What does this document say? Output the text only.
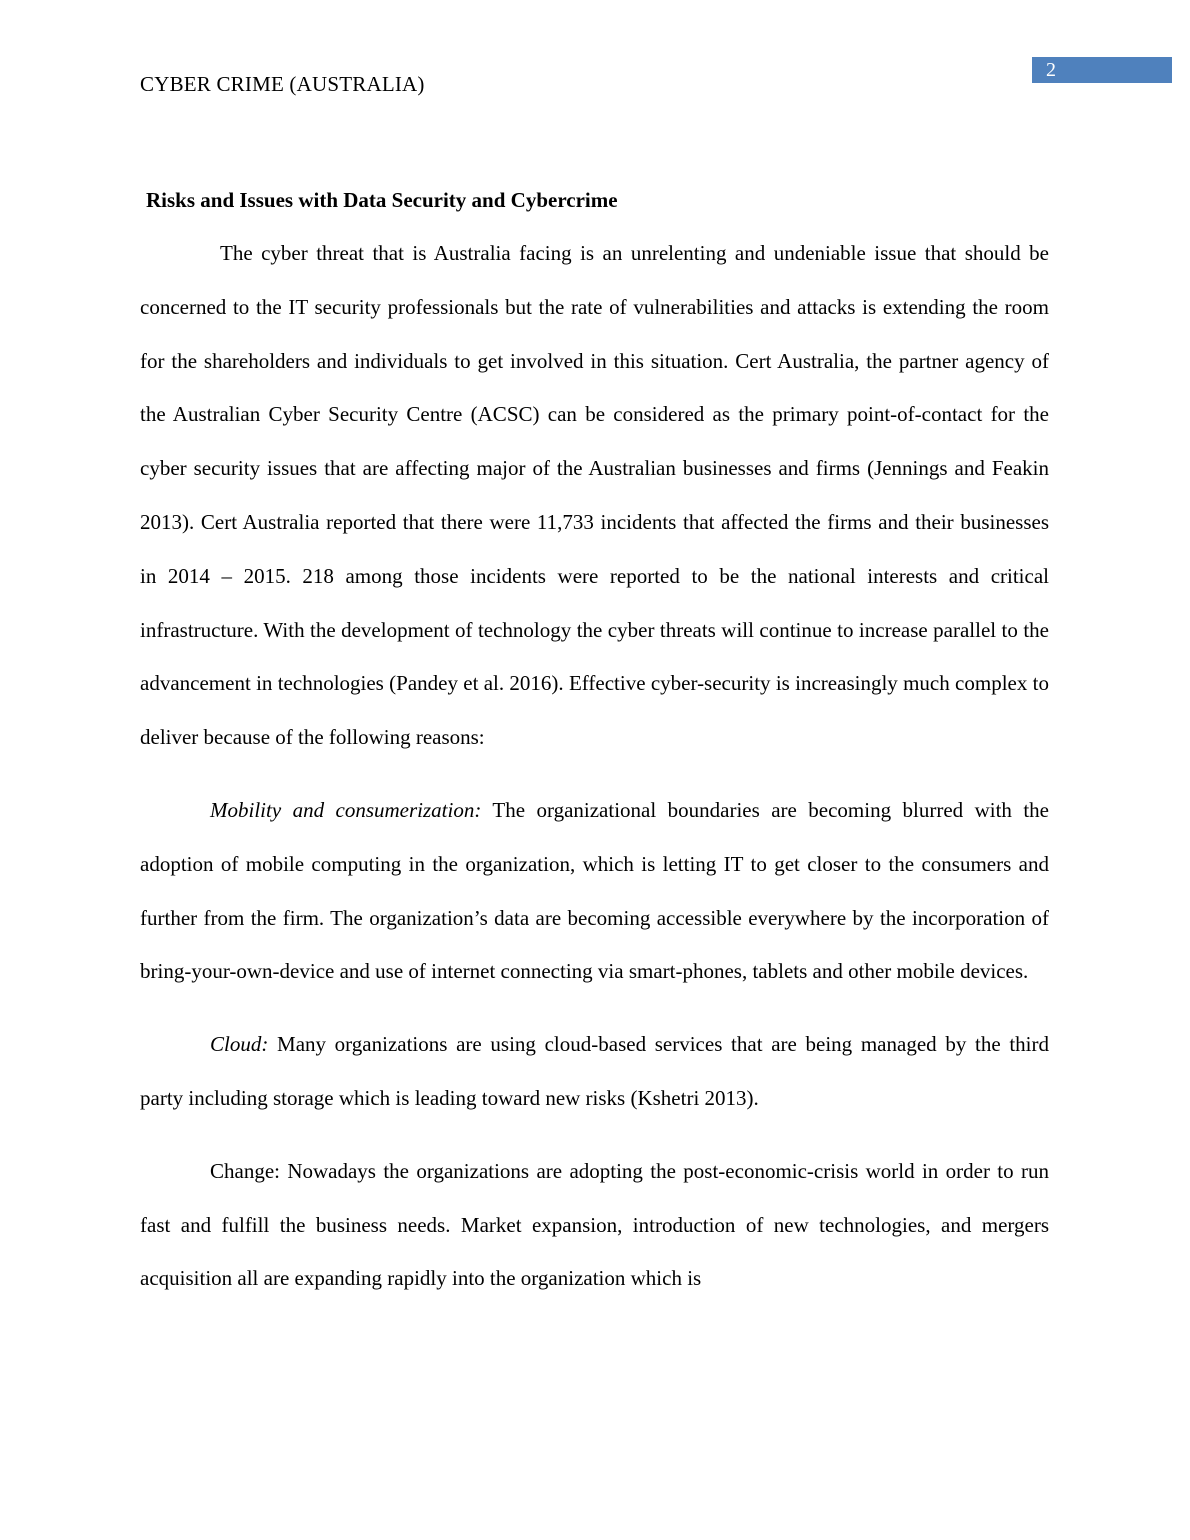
2
CYBER CRIME (AUSTRALIA)
Risks and Issues with Data Security and Cybercrime

The cyber threat that is Australia facing is an unrelenting and undeniable issue that should be concerned to the IT security professionals but the rate of vulnerabilities and attacks is extending the room for the shareholders and individuals to get involved in this situation. Cert Australia, the partner agency of the Australian Cyber Security Centre (ACSC) can be considered as the primary point-of-contact for the cyber security issues that are affecting major of the Australian businesses and firms (Jennings and Feakin 2013). Cert Australia reported that there were 11,733 incidents that affected the firms and their businesses in 2014 – 2015. 218 among those incidents were reported to be the national interests and critical infrastructure. With the development of technology the cyber threats will continue to increase parallel to the advancement in technologies (Pandey et al. 2016). Effective cyber-security is increasingly much complex to deliver because of the following reasons:

Mobility and consumerization: The organizational boundaries are becoming blurred with the adoption of mobile computing in the organization, which is letting IT to get closer to the consumers and further from the firm. The organization’s data are becoming accessible everywhere by the incorporation of bring-your-own-device and use of internet connecting via smart-phones, tablets and other mobile devices.

Cloud: Many organizations are using cloud-based services that are being managed by the third party including storage which is leading toward new risks (Kshetri 2013).

Change: Nowadays the organizations are adopting the post-economic-crisis world in order to run fast and fulfill the business needs. Market expansion, introduction of new technologies, and mergers acquisition all are expanding rapidly into the organization which is
